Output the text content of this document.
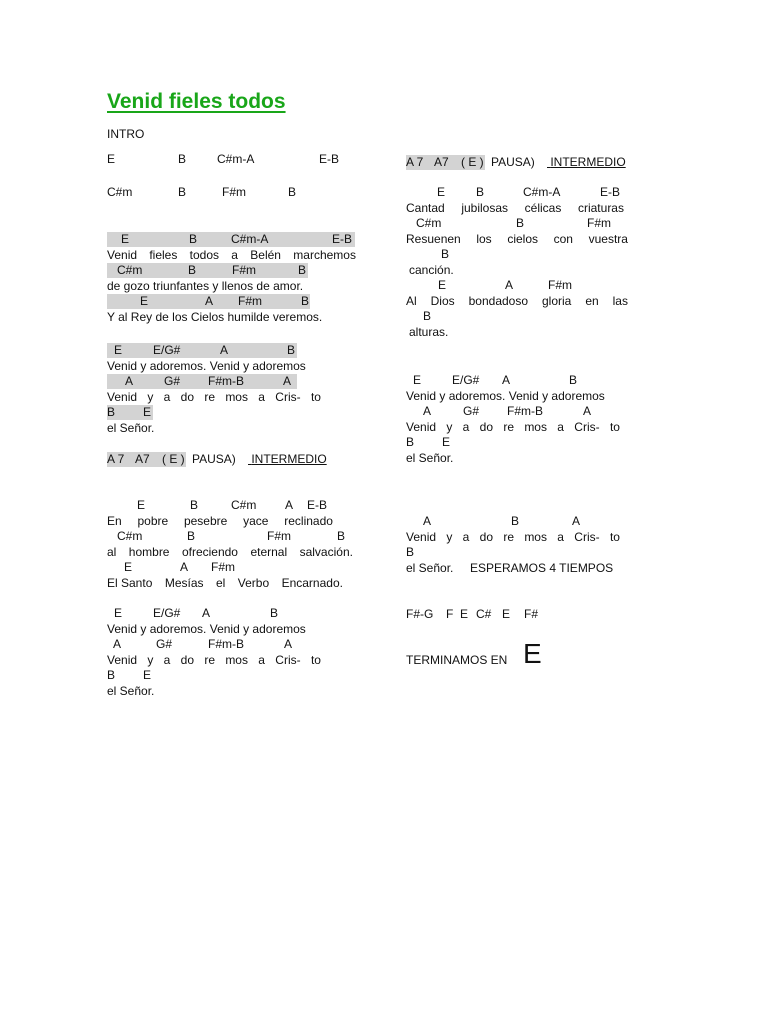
Venid fieles todos
INTRO
E	B	C#m-A	E-B
C#m	B	F#m	B
E	B	C#m-A	E-B
Venid fieles todos a Belén marchemos
C#m	B	F#m	B
de gozo triunfantes y llenos de amor.
E	A F#m	B
Y al Rey de los Cielos humilde veremos.
E	E/G#	A	B
Venid y adoremos. Venid y adoremos
A	G# F#m-B	A
Venid y a do re mos a Cris- to
B E
el Señor.
A 7 A7 ( E ) PAUSA) INTERMEDIO
E	B	C#m A E-B
En pobre pesebre yace reclinado
C#m	B	F#m	B
al hombre ofreciendo eternal salvación.
E	A F#m
El Santo Mesías el Verbo Encarnado.
E	E/G# A	B
Venid y adoremos. Venid y adoremos
A	G#	F#m-B	A
Venid y a do re mos a Cris- to
B E
el Señor.
A 7 A7 ( E ) PAUSA) INTERMEDIO
E	B	C#m-A	E-B
Cantad jubilosas célicas criaturas
C#m	B	F#m
Resuenen los cielos con vuestra
B
canción.
E	A	F#m
Al Dios bondadoso gloria en las
B
alturas.
E	E/G# A	B
Venid y adoremos. Venid y adoremos
A	G# F#m-B	A
Venid y a do re mos a Cris- to
B E
el Señor.
A	B	A
Venid y a do re mos a Cris- to
B
el Señor. ESPERAMOS 4 TIEMPOS
F#-G F E C# E F#
TERMINAMOS EN E
